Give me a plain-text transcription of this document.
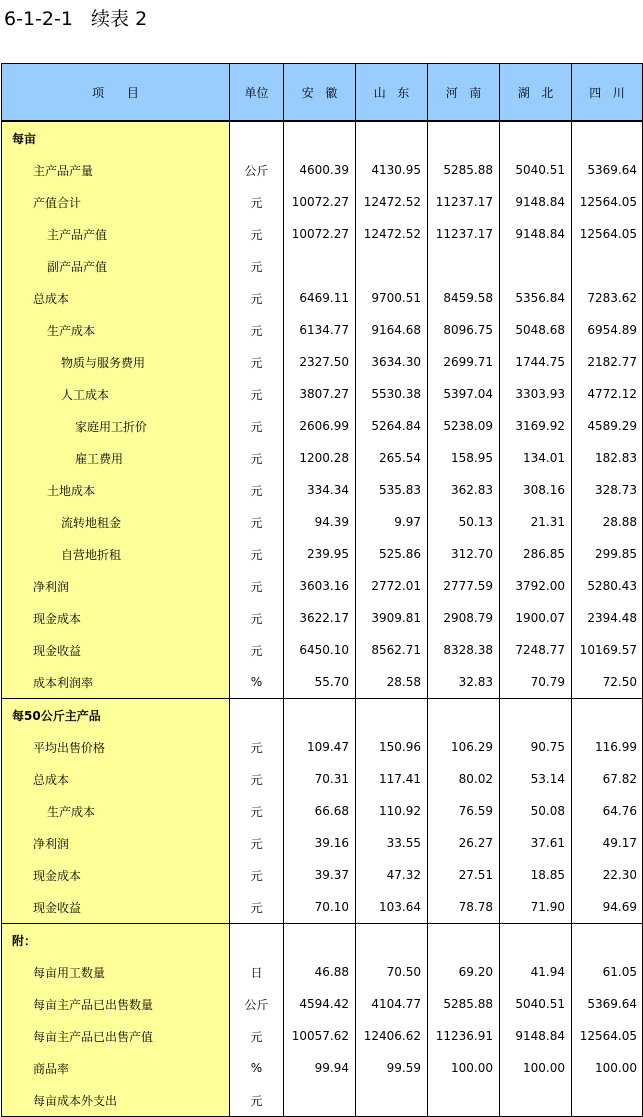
6-1-2-1   续表 2
项      目	单位	安   徽	山   东	河   南	湖   北	四   川
每亩						
主产品产量	公斤	4600.39	4130.95	5285.88	5040.51	5369.64
产值合计	元	10072.27	12472.52	11237.17	9148.84	12564.05
主产品产值	元	10072.27	12472.52	11237.17	9148.84	12564.05
副产品产值	元					
总成本	元	6469.11	9700.51	8459.58	5356.84	7283.62
生产成本	元	6134.77	9164.68	8096.75	5048.68	6954.89
物质与服务费用	元	2327.50	3634.30	2699.71	1744.75	2182.77
人工成本	元	3807.27	5530.38	5397.04	3303.93	4772.12
家庭用工折价	元	2606.99	5264.84	5238.09	3169.92	4589.29
雇工费用	元	1200.28	265.54	158.95	134.01	182.83
土地成本	元	334.34	535.83	362.83	308.16	328.73
流转地租金	元	94.39	9.97	50.13	21.31	28.88
自营地折租	元	239.95	525.86	312.70	286.85	299.85
净利润	元	3603.16	2772.01	2777.59	3792.00	5280.43
现金成本	元	3622.17	3909.81	2908.79	1900.07	2394.48
现金收益	元	6450.10	8562.71	8328.38	7248.77	10169.57
成本利润率	%	55.70	28.58	32.83	70.79	72.50
每50公斤主产品						
平均出售价格	元	109.47	150.96	106.29	90.75	116.99
总成本	元	70.31	117.41	80.02	53.14	67.82
生产成本	元	66.68	110.92	76.59	50.08	64.76
净利润	元	39.16	33.55	26.27	37.61	49.17
现金成本	元	39.37	47.32	27.51	18.85	22.30
现金收益	元	70.10	103.64	78.78	71.90	94.69
附：						
每亩用工数量	日	46.88	70.50	69.20	41.94	61.05
每亩主产品已出售数量	公斤	4594.42	4104.77	5285.88	5040.51	5369.64
每亩主产品已出售产值	元	10057.62	12406.62	11236.91	9148.84	12564.05
商品率	%	99.94	99.59	100.00	100.00	100.00
每亩成本外支出	元					
